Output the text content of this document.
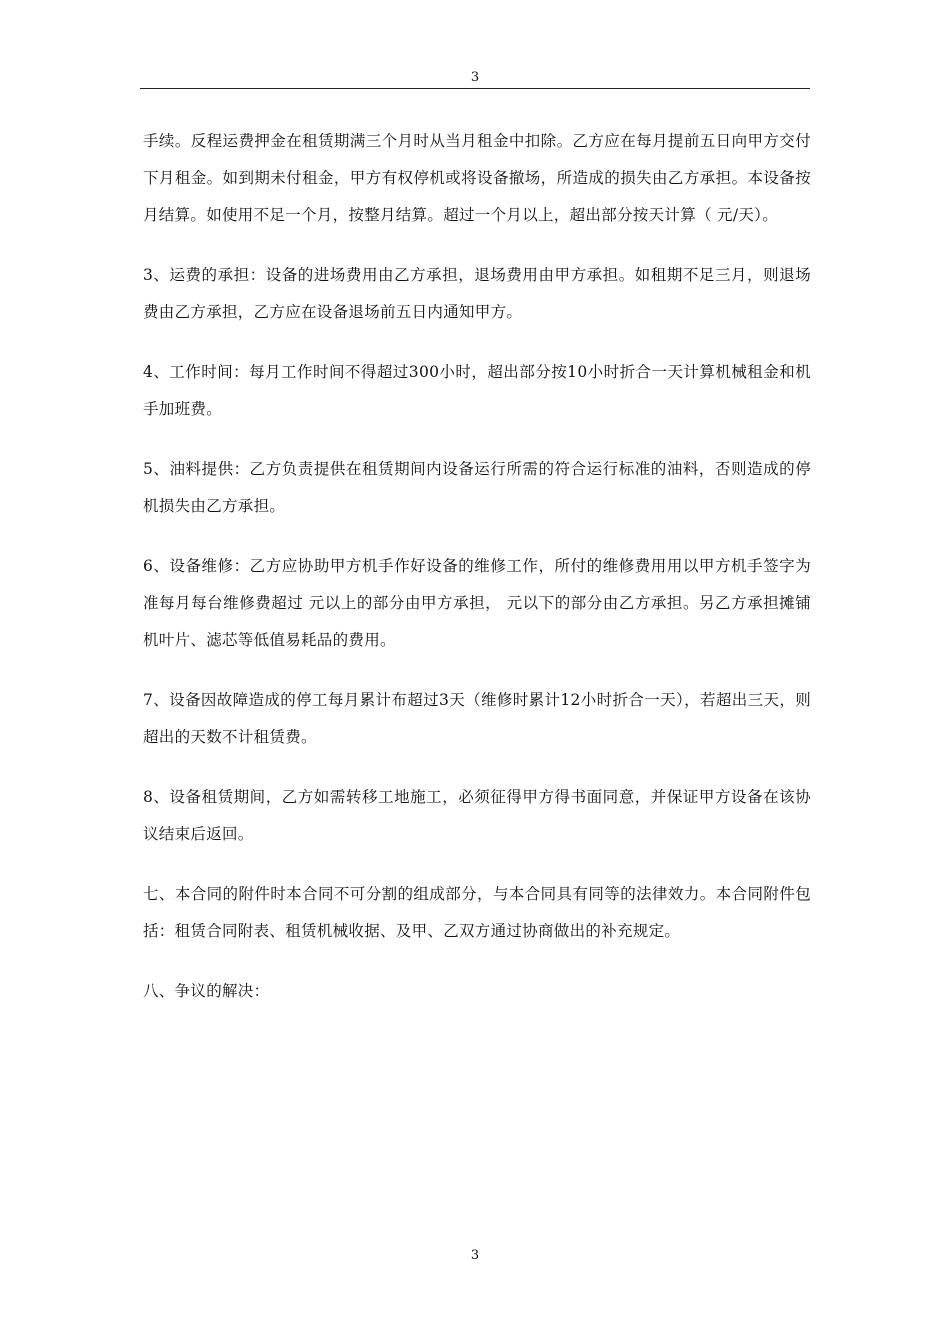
3

手续。反程运费押金在租赁期满三个月时从当月租金中扣除。乙方应在每月提前五日向甲方交付下月租金。如到期未付租金，甲方有权停机或将设备撤场，所造成的损失由乙方承担。本设备按月结算。如使用不足一个月，按整月结算。超过一个月以上，超出部分按天计算（ 元/天）。

3、运费的承担：设备的进场费用由乙方承担，退场费用由甲方承担。如租期不足三月，则退场费由乙方承担，乙方应在设备退场前五日内通知甲方。

4、工作时间：每月工作时间不得超过300小时，超出部分按10小时折合一天计算机械租金和机手加班费。

5、油料提供：乙方负责提供在租赁期间内设备运行所需的符合运行标准的油料，否则造成的停机损失由乙方承担。

6、设备维修：乙方应协助甲方机手作好设备的维修工作，所付的维修费用用以甲方机手签字为准每月每台维修费超过 元以上的部分由甲方承担， 元以下的部分由乙方承担。另乙方承担摊铺机叶片、滤芯等低值易耗品的费用。

7、设备因故障造成的停工每月累计布超过3天（维修时累计12小时折合一天），若超出三天，则超出的天数不计租赁费。

8、设备租赁期间，乙方如需转移工地施工，必须征得甲方得书面同意，并保证甲方设备在该协议结束后返回。

七、本合同的附件时本合同不可分割的组成部分，与本合同具有同等的法律效力。本合同附件包括：租赁合同附表、租赁机械收据、及甲、乙双方通过协商做出的补充规定。

八、争议的解决：

3
